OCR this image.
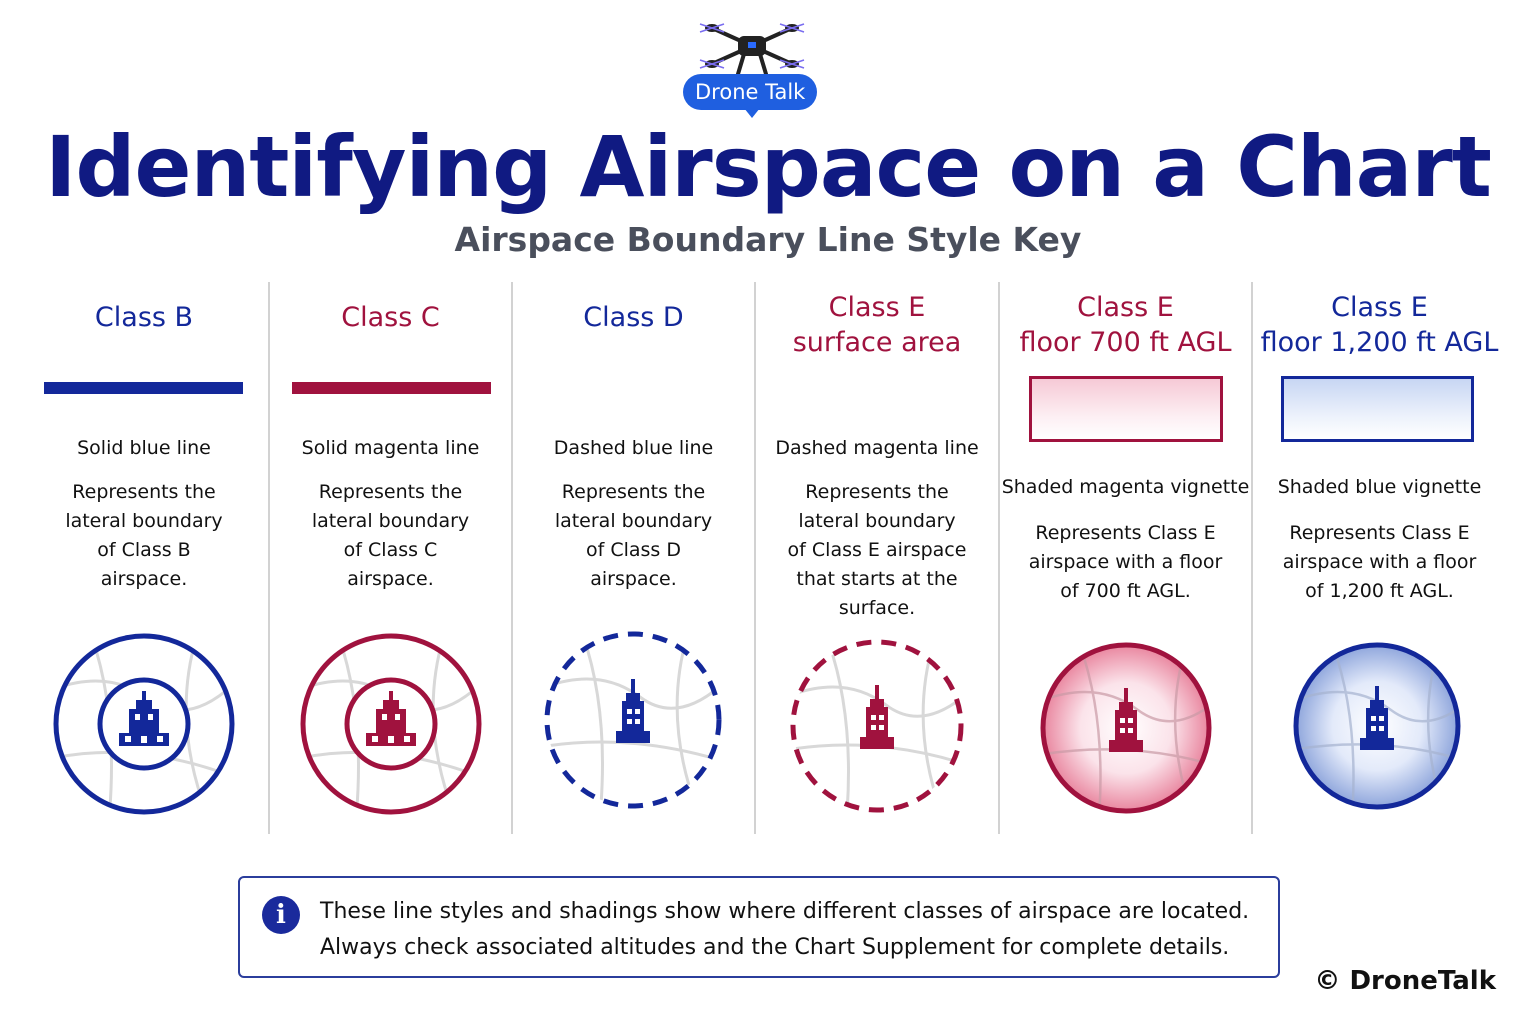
Drone Talk
Identifying Airspace on a Chart
Airspace Boundary Line Style Key
Class B
Solid blue line
Represents the
lateral boundary
of Class B
airspace.
Class C
Solid magenta line
Represents the
lateral boundary
of Class C
airspace.
Class D
Dashed blue line
Represents the
lateral boundary
of Class D
airspace.
Class E
surface area
Dashed magenta line
Represents the
lateral boundary
of Class E airspace
that starts at the
surface.
Class E
floor 700 ft AGL
Shaded magenta vignette
Represents Class E
airspace with a floor
of 700 ft AGL.
Class E
floor 1,200 ft AGL
Shaded blue vignette
Represents Class E
airspace with a floor
of 1,200 ft AGL.
i	These line styles and shadings show where different classes of airspace are located.
Always check associated altitudes and the Chart Supplement for complete details.
© DroneTalk
